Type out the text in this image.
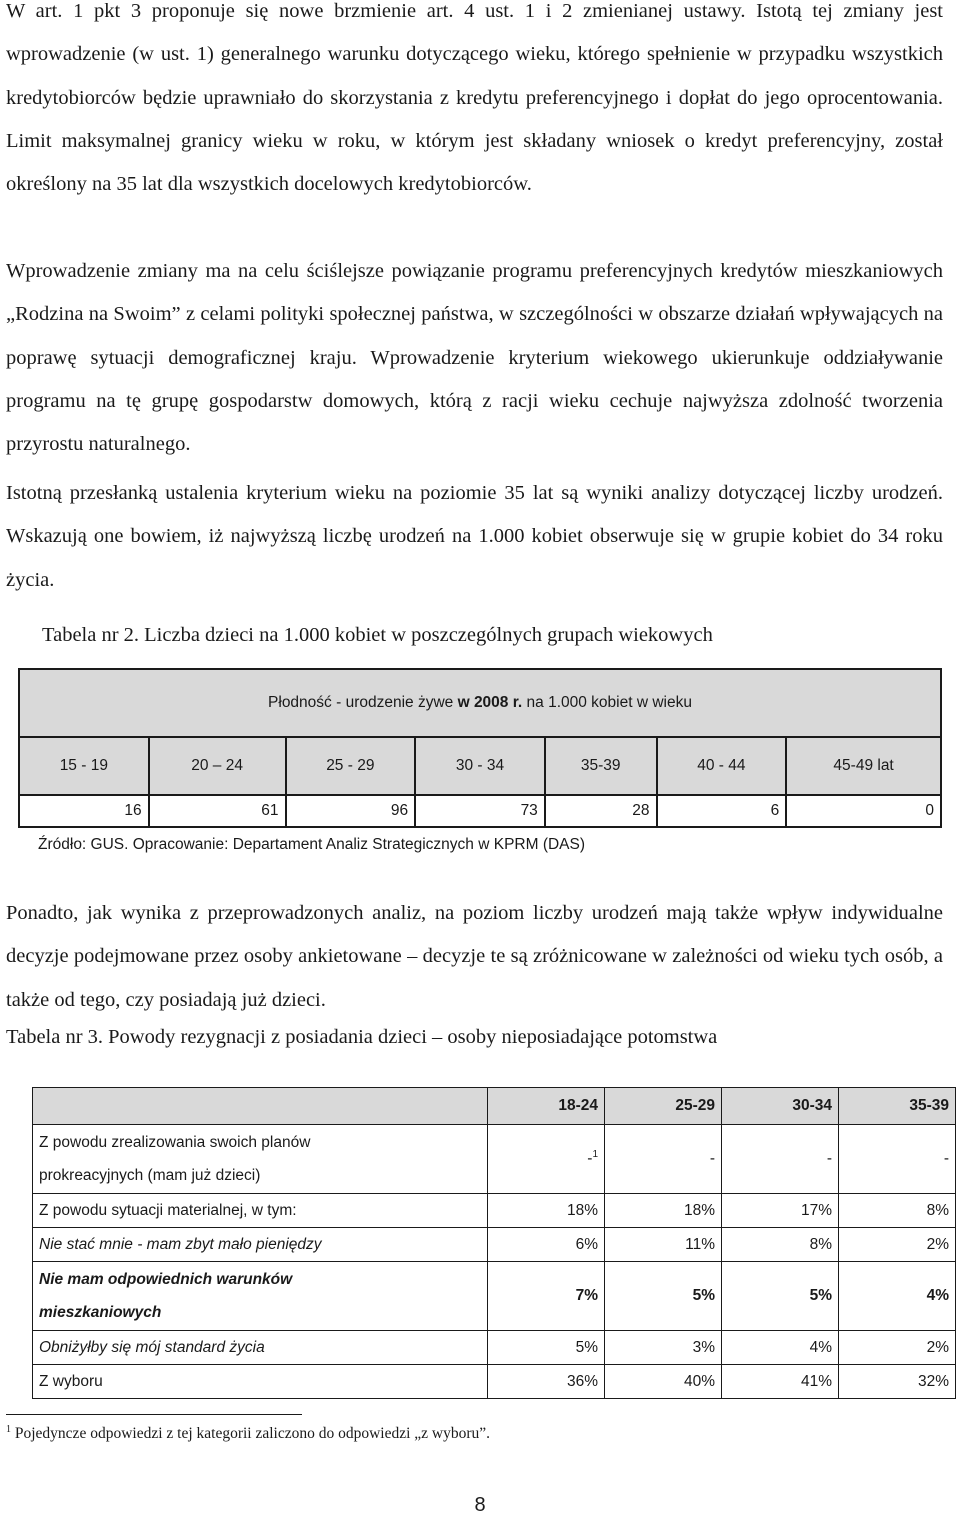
W art. 1 pkt 3 proponuje się nowe brzmienie art. 4 ust. 1 i 2 zmienianej ustawy. Istotą tej zmiany jest wprowadzenie (w ust. 1) generalnego warunku dotyczącego wieku, którego spełnienie w przypadku wszystkich kredytobiorców będzie uprawniało do skorzystania z kredytu preferencyjnego i dopłat do jego oprocentowania. Limit maksymalnej granicy wieku w roku, w którym jest składany wniosek o kredyt preferencyjny, został określony na 35 lat dla wszystkich docelowych kredytobiorców.

Wprowadzenie zmiany ma na celu ściślejsze powiązanie programu preferencyjnych kredytów mieszkaniowych „Rodzina na Swoim” z celami polityki społecznej państwa, w szczególności w obszarze działań wpływających na poprawę sytuacji demograficznej kraju. Wprowadzenie kryterium wiekowego ukierunkuje oddziaływanie programu na tę grupę gospodarstw domowych, którą z racji wieku cechuje najwyższa zdolność tworzenia przyrostu naturalnego.

Istotną przesłanką ustalenia kryterium wieku na poziomie 35 lat są wyniki analizy dotyczącej liczby urodzeń. Wskazują one bowiem, iż najwyższą liczbę urodzeń na 1.000 kobiet obserwuje się w grupie kobiet do 34 roku życia.

Tabela nr 2. Liczba dzieci na 1.000 kobiet w poszczególnych grupach wiekowych

Płodność - urodzenie żywe w 2008 r. na 1.000 kobiet w wieku						
15 - 19	20 – 24	25 - 29	30 - 34	35-39	40 - 44	45-49 lat
16	61	96	73	28	6	0
Źródło: GUS. Opracowanie: Departament Analiz Strategicznych w KPRM (DAS)

Ponadto, jak wynika z przeprowadzonych analiz, na poziom liczby urodzeń mają także wpływ indywidualne decyzje podejmowane przez osoby ankietowane – decyzje te są zróżnicowane w zależności od wieku tych osób, a także od tego, czy posiadają już dzieci.

Tabela nr 3. Powody rezygnacji z posiadania dzieci – osoby nieposiadające potomstwa

	18-24	25-29	30-34	35-39
Z powodu zrealizowania swoich planów
prokreacyjnych (mam już dzieci)	-$^1$	-	-	-
Z powodu sytuacji materialnej, w tym:	18%	18%	17%	8%
Nie stać mnie - mam zbyt mało pieniędzy	6%	11%	8%	2%
Nie mam odpowiednich warunków
mieszkaniowych	7%	5%	5%	4%
Obniżyłby się mój standard życia	5%	3%	4%	2%
Z wyboru	36%	40%	41%	32%
$^1$ Pojedyncze odpowiedzi z tej kategorii zaliczono do odpowiedzi „z wyboru”.
8
